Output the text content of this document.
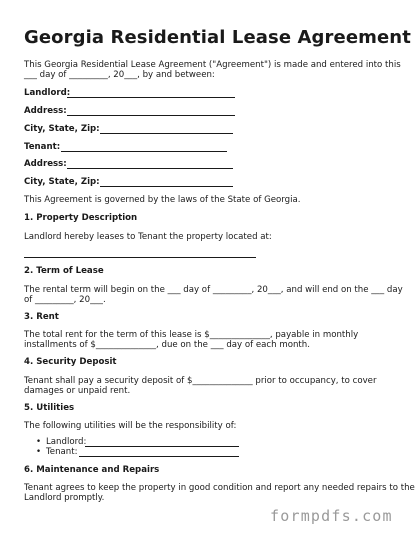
Georgia Residential Lease Agreement

This Georgia Residential Lease Agreement ("Agreement") is made and entered into this

___ day of _________, 20___, by and between:

Landlord:

Address:

City, State, Zip:

Tenant:

Address:

City, State, Zip:

This Agreement is governed by the laws of the State of Georgia.

1. Property Description

Landlord hereby leases to Tenant the property located at:

2. Term of Lease

The rental term will begin on the ___ day of _________, 20___, and will end on the ___ day

of _________, 20___.

3. Rent

The total rent for the term of this lease is $______________, payable in monthly

installments of $______________, due on the ___ day of each month.

4. Security Deposit

Tenant shall pay a security deposit of $______________ prior to occupancy, to cover

damages or unpaid rent.

5. Utilities

The following utilities will be the responsibility of:

• Landlord:
• Tenant:

6. Maintenance and Repairs

Tenant agrees to keep the property in good condition and report any needed repairs to the

Landlord promptly.

formpdfs.com
